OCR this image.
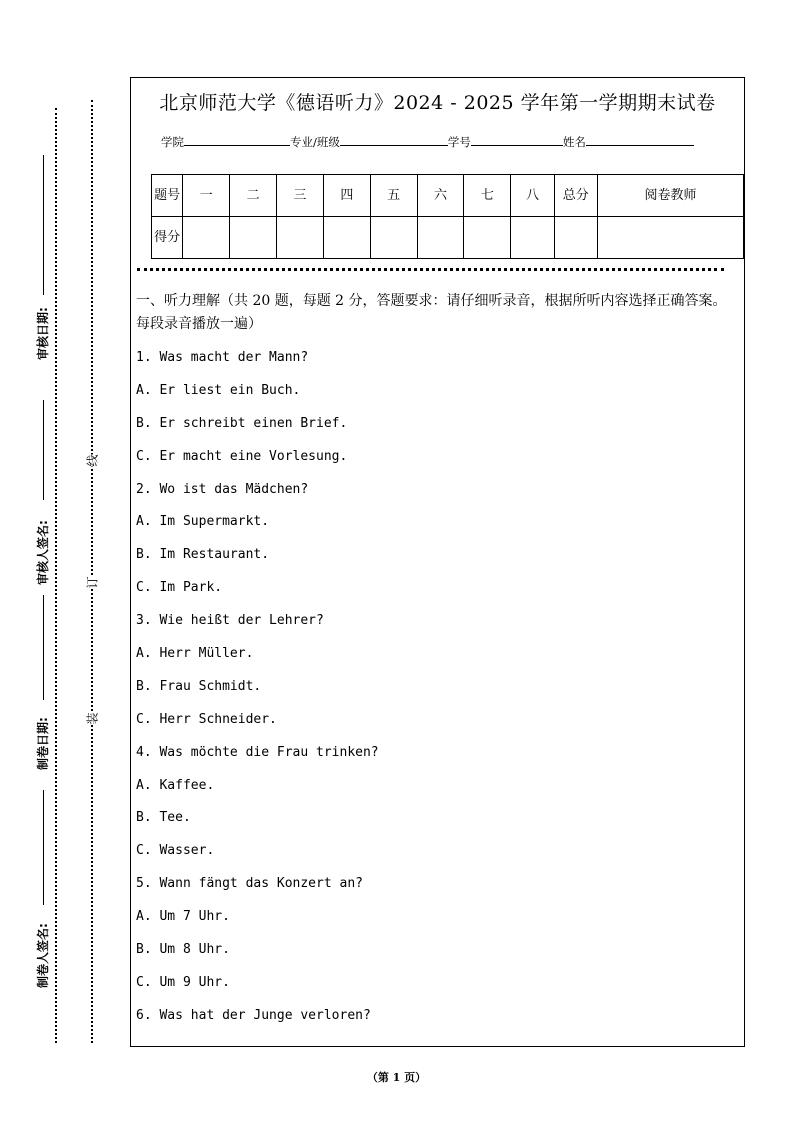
审核日期:
审核人签名:
制卷日期:
制卷人签名:
线
订
装
北京师范大学《德语听力》2024 - 2025 学年第一学期期末试卷
学院	专业/班级	学号	姓名
题号	一	二	三	四	五	六	七	八	总分	阅卷教师
得分										
一、听力理解（共 20 题，每题 2 分，答题要求：请仔细听录音，根据所听内容选择正确答案。每段录音播放一遍）
1. Was macht der Mann?
A. Er liest ein Buch.
B. Er schreibt einen Brief.
C. Er macht eine Vorlesung.
2. Wo ist das Mädchen?
A. Im Supermarkt.
B. Im Restaurant.
C. Im Park.
3. Wie heißt der Lehrer?
A. Herr Müller.
B. Frau Schmidt.
C. Herr Schneider.
4. Was möchte die Frau trinken?
A. Kaffee.
B. Tee.
C. Wasser.
5. Wann fängt das Konzert an?
A. Um 7 Uhr.
B. Um 8 Uhr.
C. Um 9 Uhr.
6. Was hat der Junge verloren?
（第 1 页）
